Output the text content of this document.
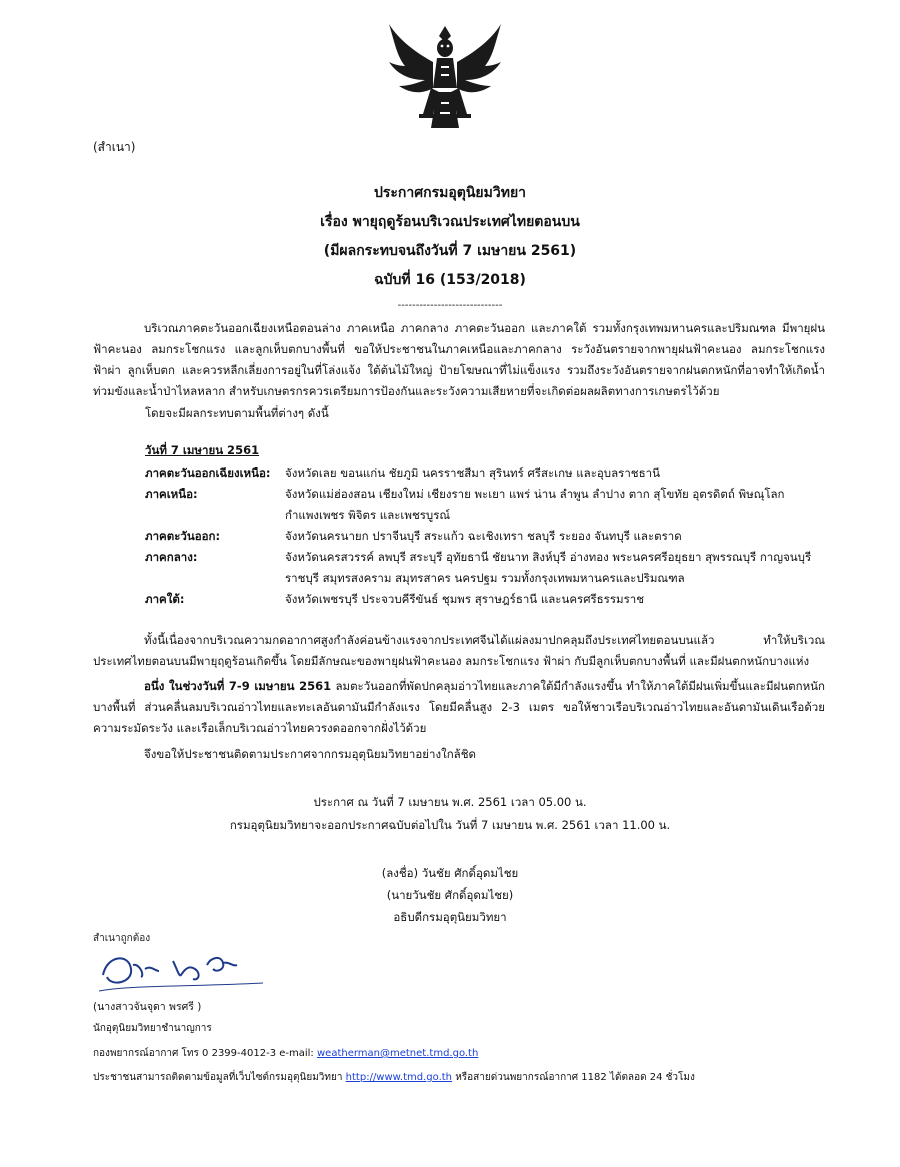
(สำเนา)
ประกาศกรมอุตุนิยมวิทยา
เรื่อง พายุฤดูร้อนบริเวณประเทศไทยตอนบน
(มีผลกระทบจนถึงวันที่ 7 เมษายน 2561)
ฉบับที่ 16 (153/2018)
-----------------------------
บริเวณภาคตะวันออกเฉียงเหนือตอนล่าง ภาคเหนือ ภาคกลาง ภาคตะวันออก และภาคใต้ รวมทั้งกรุงเทพมหานครและปริมณฑล มีพายุฝนฟ้าคะนอง ลมกระโชกแรง และลูกเห็บตกบางพื้นที่ ขอให้ประชาชนในภาคเหนือและภาคกลาง ระวังอันตรายจากพายุฝนฟ้าคะนอง ลมกระโชกแรง ฟ้าผ่า ลูกเห็บตก และควรหลีกเลี่ยงการอยู่ในที่โล่งแจ้ง ใต้ต้นไม้ใหญ่ ป้ายโฆษณาที่ไม่แข็งแรง รวมถึงระวังอันตรายจากฝนตกหนักที่อาจทำให้เกิดน้ำท่วมขังและน้ำป่าไหลหลาก สำหรับเกษตรกรควรเตรียมการป้องกันและระวังความเสียหายที่จะเกิดต่อผลผลิตทางการเกษตรไว้ด้วย
โดยจะมีผลกระทบตามพื้นที่ต่างๆ ดังนี้
วันที่ 7 เมษายน 2561
ภาคตะวันออกเฉียงเหนือ:	จังหวัดเลย ขอนแก่น ชัยภูมิ นครราชสีมา สุรินทร์ ศรีสะเกษ และอุบลราชธานี
ภาคเหนือ:	จังหวัดแม่ฮ่องสอน เชียงใหม่ เชียงราย พะเยา แพร่ น่าน ลำพูน ลำปาง ตาก สุโขทัย อุตรดิตถ์ พิษณุโลก กำแพงเพชร พิจิตร และเพชรบูรณ์
ภาคตะวันออก:	จังหวัดนครนายก ปราจีนบุรี สระแก้ว ฉะเชิงเทรา ชลบุรี ระยอง จันทบุรี และตราด
ภาคกลาง:	จังหวัดนครสวรรค์ ลพบุรี สระบุรี อุทัยธานี ชัยนาท สิงห์บุรี อ่างทอง พระนครศรีอยุธยา สุพรรณบุรี กาญจนบุรี ราชบุรี สมุทรสงคราม สมุทรสาคร นครปฐม รวมทั้งกรุงเทพมหานครและปริมณฑล
ภาคใต้:	จังหวัดเพชรบุรี ประจวบคีรีขันธ์ ชุมพร สุราษฎร์ธานี และนครศรีธรรมราช
ทั้งนี้เนื่องจากบริเวณความกดอากาศสูงกำลังค่อนข้างแรงจากประเทศจีนได้แผ่ลงมาปกคลุมถึงประเทศไทยตอนบนแล้ว ทำให้บริเวณประเทศไทยตอนบนมีพายุฤดูร้อนเกิดขึ้น โดยมีลักษณะของพายุฝนฟ้าคะนอง ลมกระโชกแรง ฟ้าผ่า กับมีลูกเห็บตกบางพื้นที่ และมีฝนตกหนักบางแห่ง
อนึ่ง ในช่วงวันที่ 7-9 เมษายน 2561 ลมตะวันออกที่พัดปกคลุมอ่าวไทยและภาคใต้มีกำลังแรงขึ้น ทำให้ภาคใต้มีฝนเพิ่มขึ้นและมีฝนตกหนักบางพื้นที่ ส่วนคลื่นลมบริเวณอ่าวไทยและทะเลอันดามันมีกำลังแรง โดยมีคลื่นสูง 2-3 เมตร ขอให้ชาวเรือบริเวณอ่าวไทยและอันดามันเดินเรือด้วยความระมัดระวัง และเรือเล็กบริเวณอ่าวไทยควรงดออกจากฝั่งไว้ด้วย
จึงขอให้ประชาชนติดตามประกาศจากกรมอุตุนิยมวิทยาอย่างใกล้ชิด
ประกาศ ณ วันที่ 7 เมษายน พ.ศ. 2561 เวลา 05.00 น.
กรมอุตุนิยมวิทยาจะออกประกาศฉบับต่อไปใน วันที่ 7 เมษายน พ.ศ. 2561 เวลา 11.00 น.
(ลงชื่อ) วันชัย ศักดิ์อุดมไชย
(นายวันชัย ศักดิ์อุดมไชย)
อธิบดีกรมอุตุนิยมวิทยา
สำเนาถูกต้อง
(นางสาวจันจุดา พรศรี )
นักอุตุนิยมวิทยาชำนาญการ
กองพยากรณ์อากาศ โทร 0 2399-4012-3 e-mail: weatherman@metnet.tmd.go.th
ประชาชนสามารถติดตามข้อมูลที่เว็บไซต์กรมอุตุนิยมวิทยา http://www.tmd.go.th หรือสายด่วนพยากรณ์อากาศ 1182 ได้ตลอด 24 ชั่วโมง
